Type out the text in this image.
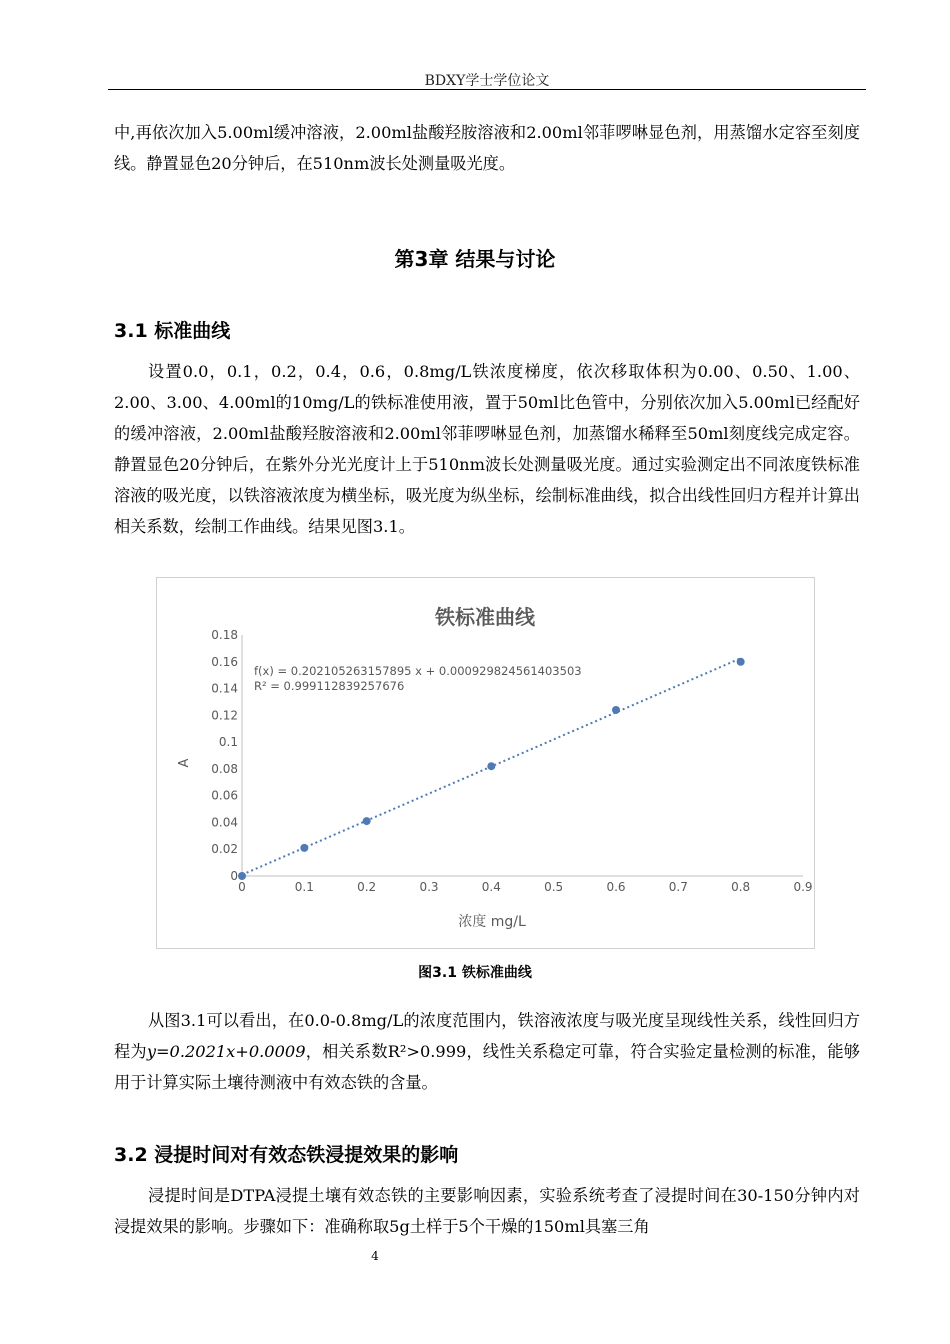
BDXY学士学位论文

中,再依次加入5.00ml缓冲溶液，2.00ml盐酸羟胺溶液和2.00ml邻菲啰啉显色剂，用蒸馏水定容至刻度线。静置显色20分钟后，在510nm波长处测量吸光度。

第3章 结果与讨论
3.1 标准曲线

设置0.0，0.1，0.2，0.4，0.6，0.8mg/L铁浓度梯度，依次移取体积为0.00、0.50、1.00、2.00、3.00、4.00ml的10mg/L的铁标准使用液，置于50ml比色管中，分别依次加入5.00ml已经配好的缓冲溶液，2.00ml盐酸羟胺溶液和2.00ml邻菲啰啉显色剂，加蒸馏水稀释至50ml刻度线完成定容。静置显色20分钟后，在紫外分光光度计上于510nm波长处测量吸光度。通过实验测定出不同浓度铁标准溶液的吸光度，以铁溶液浓度为横坐标，吸光度为纵坐标，绘制标准曲线，拟合出线性回归方程并计算出相关系数，绘制工作曲线。结果见图3.1。

铁标准曲线
0	0.1	0.2	0.3	0.4	0.5	0.6	0.7	0.8	0.9
0
0.02
0.04
0.06
0.08
0.1
0.12
0.14
0.16
0.18
A
浓度 mg/L
f(x) = 0.202105263157895 x + 0.000929824561403503
R² = 0.999112839257676
图3.1 铁标准曲线

从图3.1可以看出，在0.0-0.8mg/L的浓度范围内，铁溶液浓度与吸光度呈现线性关系，线性回归方程为y=0.2021x+0.0009，相关系数R²>0.999，线性关系稳定可靠，符合实验定量检测的标准，能够用于计算实际土壤待测液中有效态铁的含量。

3.2 浸提时间对有效态铁浸提效果的影响

浸提时间是DTPA浸提土壤有效态铁的主要影响因素，实验系统考查了浸提时间在30-150分钟内对浸提效果的影响。步骤如下：准确称取5g土样于5个干燥的150ml具塞三角

4
